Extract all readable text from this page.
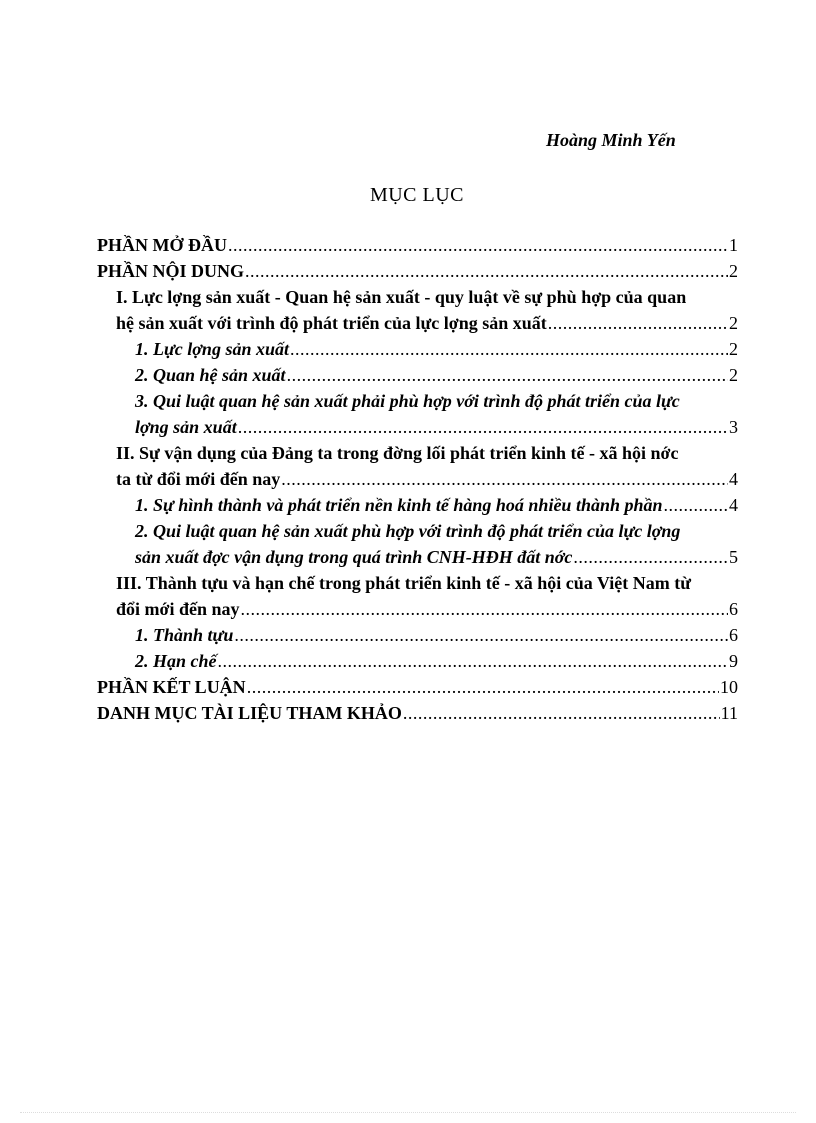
Hoàng Minh Yến
MỤC LỤC
PHẦN MỞ ĐẦU .....	1
PHẦN NỘI DUNG .....	2
I. Lực lợng sản xuất - Quan hệ sản xuất - quy luật về sự phù hợp của quan
hệ sản xuất với trình độ phát triển của lực lợng sản xuất .....	2
1. Lực lợng sản xuất .....	2
2. Quan hệ sản xuất .....	2
3. Qui luật quan hệ sản xuất phải phù hợp với trình độ phát triển của lực
lợng sản xuất .....	3
II. Sự vận dụng của Đảng ta trong đờng lối phát triển kinh tế - xã hội nớc
ta từ đổi mới đến nay .....	4
1. Sự hình thành và phát triển nền kinh tế hàng hoá nhiều thành phần .....	4
2. Qui luật quan hệ sản xuất phù hợp với trình độ phát triển của lực lợng
sản xuất đợc vận dụng trong quá trình CNH-HĐH đất nớc .....	5
III. Thành tựu và hạn chế trong phát triển kinh tế - xã hội của Việt Nam từ
đổi mới đến nay .....	6
1. Thành tựu .....	6
2. Hạn chế .....	9
PHẦN KẾT LUẬN .....	10
DANH MỤC TÀI LIỆU THAM KHẢO .....	11
